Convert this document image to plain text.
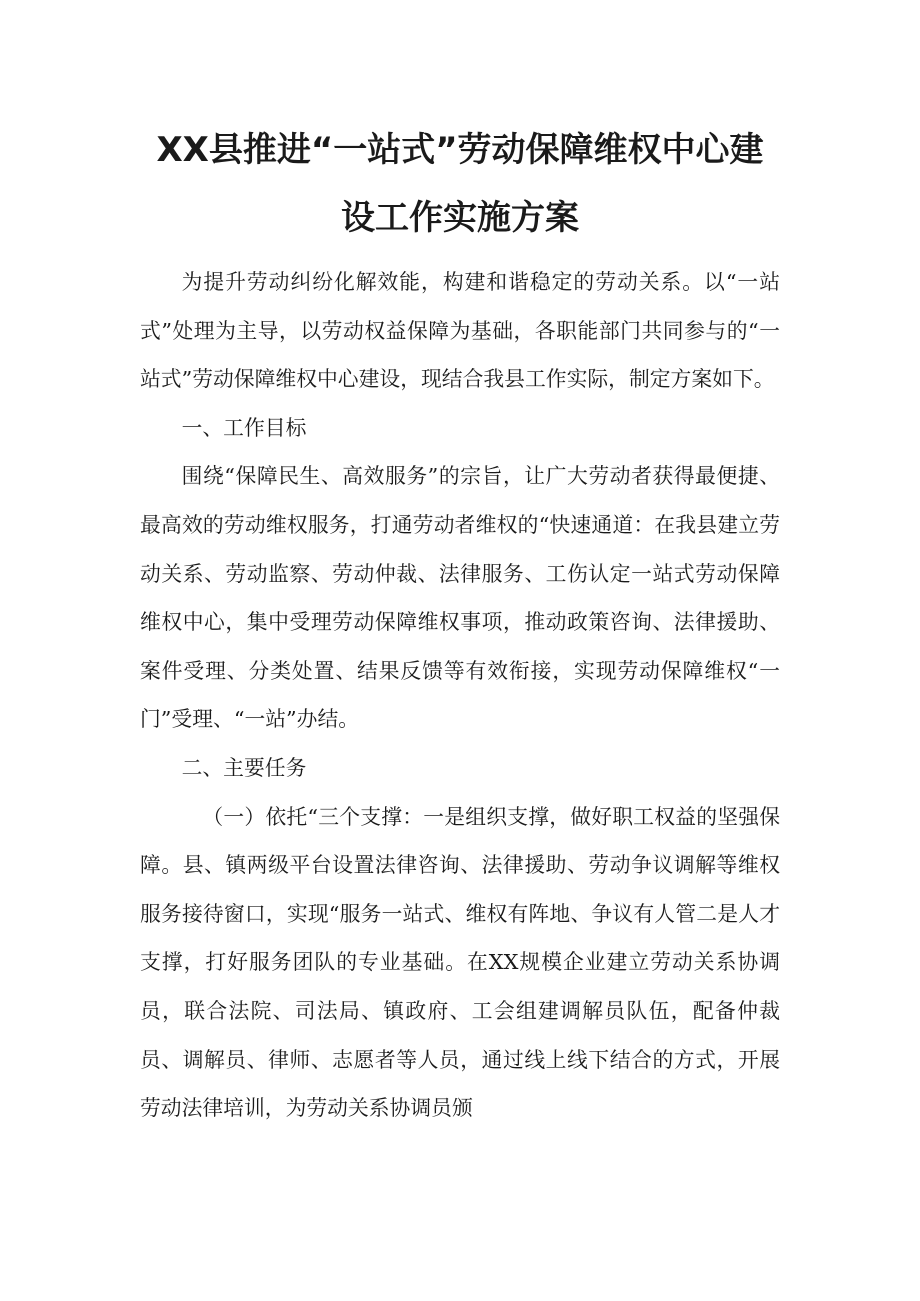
XX县推进“一站式”劳动保障维权中心建
设工作实施方案

为提升劳动纠纷化解效能，构建和谐稳定的劳动关系。以“一站式”处理为主导，以劳动权益保障为基础，各职能部门共同参与的“一站式”劳动保障维权中心建设，现结合我县工作实际，制定方案如下。

一、工作目标

围绕“保障民生、高效服务”的宗旨，让广大劳动者获得最便捷、最高效的劳动维权服务，打通劳动者维权的“快速通道：在我县建立劳动关系、劳动监察、劳动仲裁、法律服务、工伤认定一站式劳动保障维权中心，集中受理劳动保障维权事项，推动政策咨询、法律援助、案件受理、分类处置、结果反馈等有效衔接，实现劳动保障维权“一门”受理、“一站”办结。

二、主要任务

（一）依托“三个支撑：一是组织支撑，做好职工权益的坚强保障。县、镇两级平台设置法律咨询、法律援助、劳动争议调解等维权服务接待窗口，实现“服务一站式、维权有阵地、争议有人管二是人才支撑，打好服务团队的专业基础。在XX规模企业建立劳动关系协调员，联合法院、司法局、镇政府、工会组建调解员队伍，配备仲裁员、调解员、律师、志愿者等人员，通过线上线下结合的方式，开展劳动法律培训，为劳动关系协调员颁
